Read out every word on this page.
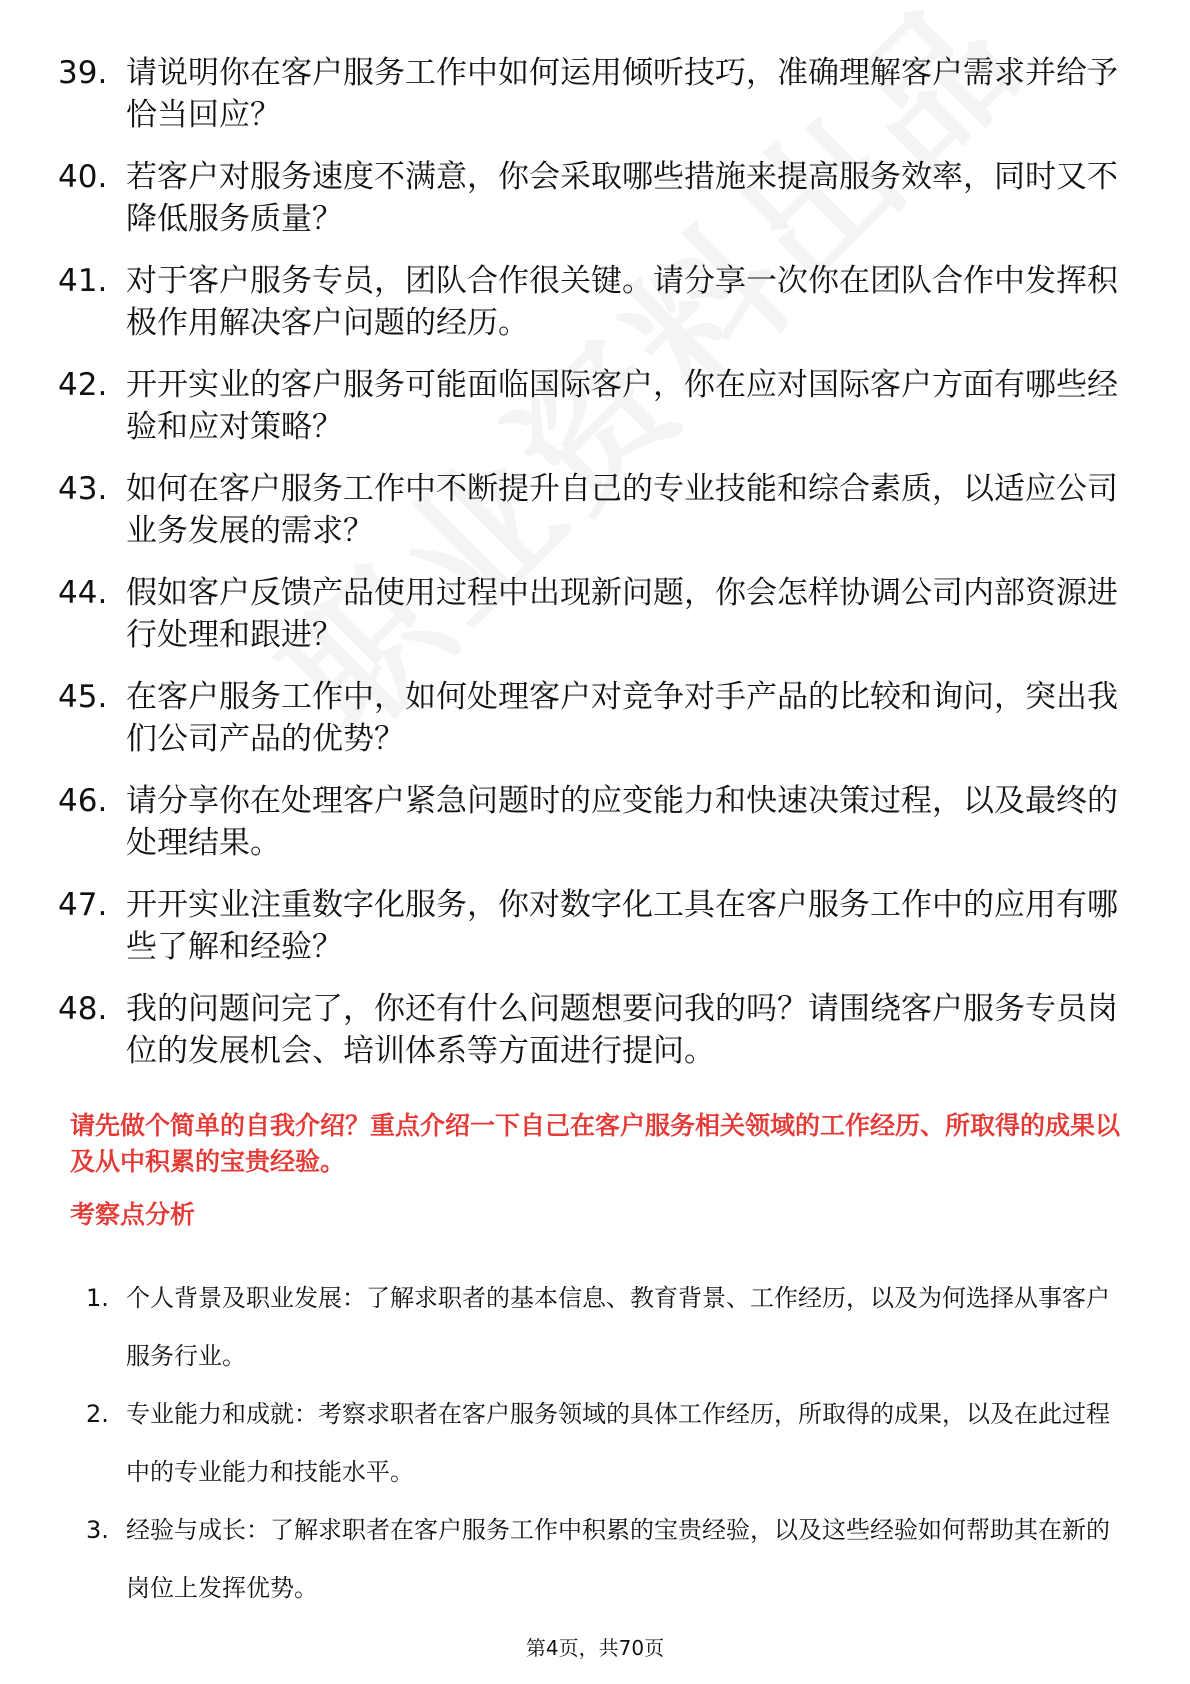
39. 请说明你在客户服务工作中如何运用倾听技巧，准确理解客户需求并给予恰当回应？
40. 若客户对服务速度不满意，你会采取哪些措施来提高服务效率，同时又不降低服务质量？
41. 对于客户服务专员，团队合作很关键。请分享一次你在团队合作中发挥积极作用解决客户问题的经历。
42. 开开实业的客户服务可能面临国际客户，你在应对国际客户方面有哪些经验和应对策略？
43. 如何在客户服务工作中不断提升自己的专业技能和综合素质，以适应公司业务发展的需求？
44. 假如客户反馈产品使用过程中出现新问题，你会怎样协调公司内部资源进行处理和跟进？
45. 在客户服务工作中，如何处理客户对竞争对手产品的比较和询问，突出我们公司产品的优势？
46. 请分享你在处理客户紧急问题时的应变能力和快速决策过程，以及最终的处理结果。
47. 开开实业注重数字化服务，你对数字化工具在客户服务工作中的应用有哪些了解和经验？
48. 我的问题问完了，你还有什么问题想要问我的吗？请围绕客户服务专员岗位的发展机会、培训体系等方面进行提问。
请先做个简单的自我介绍？重点介绍一下自己在客户服务相关领域的工作经历、所取得的成果以及从中积累的宝贵经验。
考察点分析
1. 个人背景及职业发展：了解求职者的基本信息、教育背景、工作经历，以及为何选择从事客户服务行业。
2. 专业能力和成就：考察求职者在客户服务领域的具体工作经历，所取得的成果，以及在此过程中的专业能力和技能水平。
3. 经验与成长：了解求职者在客户服务工作中积累的宝贵经验，以及这些经验如何帮助其在新的岗位上发挥优势。
第4页，共70页
